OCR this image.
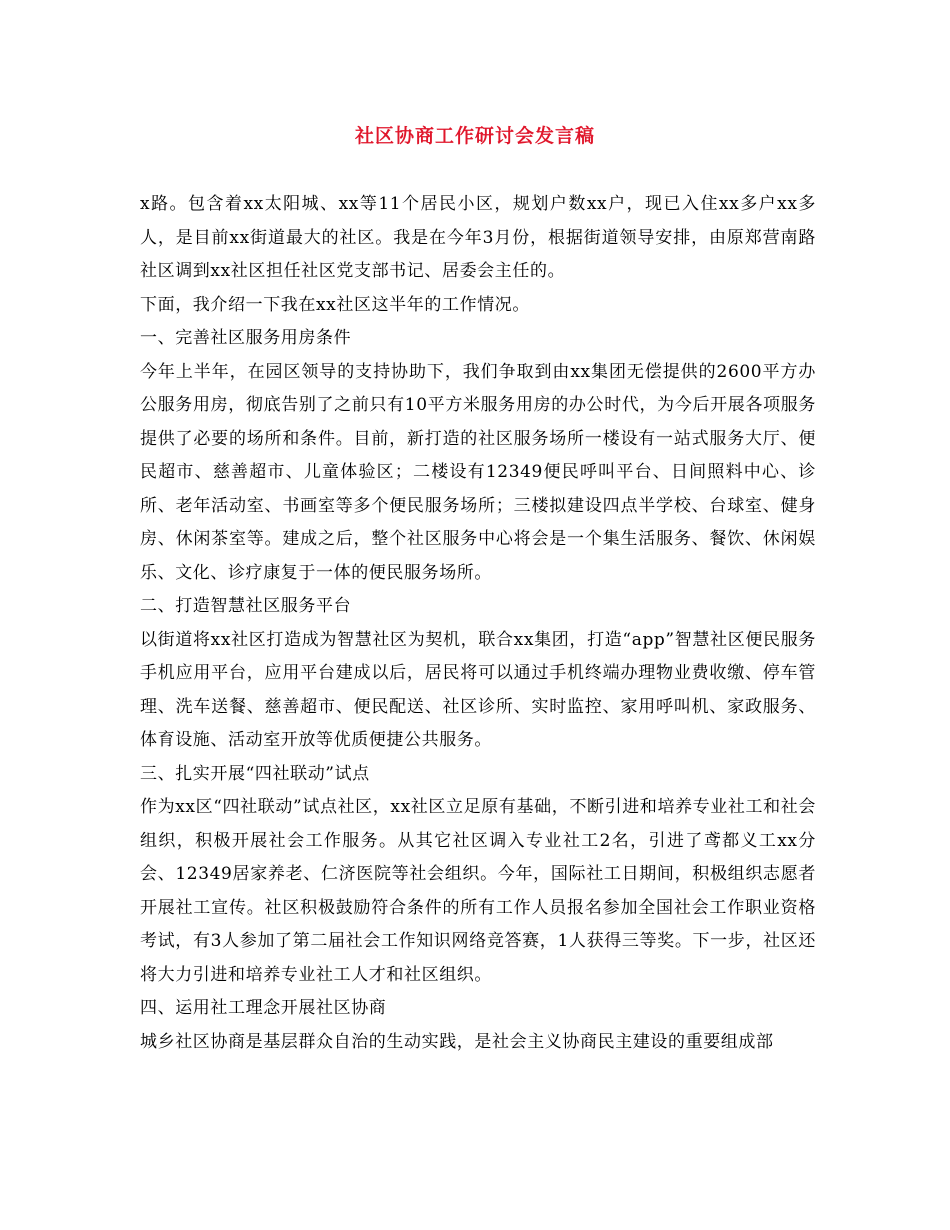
社区协商工作研讨会发言稿

x路。包含着xx太阳城、xx等11个居民小区，规划户数xx户，现已入住xx多户xx多人，是目前xx街道最大的社区。我是在今年3月份，根据街道领导安排，由原郑营南路社区调到xx社区担任社区党支部书记、居委会主任的。

下面，我介绍一下我在xx社区这半年的工作情况。

一、完善社区服务用房条件

今年上半年，在园区领导的支持协助下，我们争取到由xx集团无偿提供的2600平方办公服务用房，彻底告别了之前只有10平方米服务用房的办公时代，为今后开展各项服务提供了必要的场所和条件。目前，新打造的社区服务场所一楼设有一站式服务大厅、便民超市、慈善超市、儿童体验区；二楼设有12349便民呼叫平台、日间照料中心、诊所、老年活动室、书画室等多个便民服务场所；三楼拟建设四点半学校、台球室、健身房、休闲茶室等。建成之后，整个社区服务中心将会是一个集生活服务、餐饮、休闲娱乐、文化、诊疗康复于一体的便民服务场所。

二、打造智慧社区服务平台

以街道将xx社区打造成为智慧社区为契机，联合xx集团，打造“app”智慧社区便民服务手机应用平台，应用平台建成以后，居民将可以通过手机终端办理物业费收缴、停车管理、洗车送餐、慈善超市、便民配送、社区诊所、实时监控、家用呼叫机、家政服务、体育设施、活动室开放等优质便捷公共服务。

三、扎实开展“四社联动”试点

作为xx区“四社联动”试点社区，xx社区立足原有基础，不断引进和培养专业社工和社会组织，积极开展社会工作服务。从其它社区调入专业社工2名，引进了鸢都义工xx分会、12349居家养老、仁济医院等社会组织。今年，国际社工日期间，积极组织志愿者开展社工宣传。社区积极鼓励符合条件的所有工作人员报名参加全国社会工作职业资格考试，有3人参加了第二届社会工作知识网络竞答赛，1人获得三等奖。下一步，社区还将大力引进和培养专业社工人才和社区组织。

四、运用社工理念开展社区协商

城乡社区协商是基层群众自治的生动实践，是社会主义协商民主建设的重要组成部
